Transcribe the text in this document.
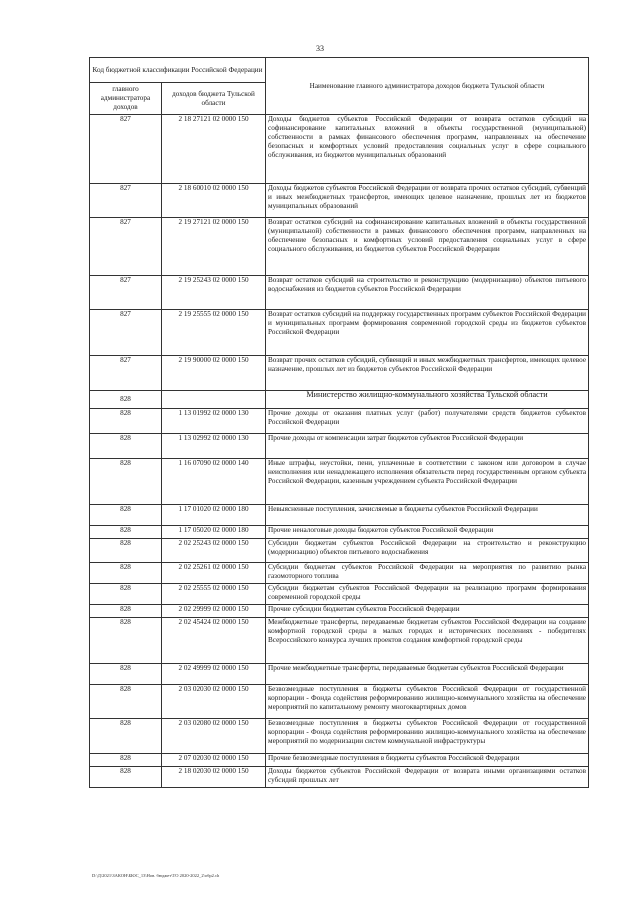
33
Код бюджетной классификации Российской Федерации		Наименование главного администратора доходов бюджета Тульской области
главного администратора доходов	доходов бюджета Тульской области	
827	2 18 27121 02 0000 150	Доходы бюджетов субъектов Российской Федерации от возврата остатков субсидий на софинансирование капитальных вложений в объекты государственной (муниципальной) собственности в рамках финансового обеспечения программ, направленных на обеспечение безопасных и комфортных условий предоставления социальных услуг в сфере социального обслуживания, из бюджетов муниципальных образований
827	2 18 60010 02 0000 150	Доходы бюджетов субъектов Российской Федерации от возврата прочих остатков субсидий, субвенций и иных межбюджетных трансфертов, имеющих целевое назначение, прошлых лет из бюджетов муниципальных образований
827	2 19 27121 02 0000 150	Возврат остатков субсидий на софинансирование капитальных вложений в объекты государственной (муниципальной) собственности в рамках финансового обеспечения программ, направленных на обеспечение безопасных и комфортных условий предоставления социальных услуг в сфере социального обслуживания, из бюджетов субъектов Российской Федерации
827	2 19 25243 02 0000 150	Возврат остатков субсидий на строительство и реконструкцию (модернизацию) объектов питьевого водоснабжения из бюджетов субъектов Российской Федерации
827	2 19 25555 02 0000 150	Возврат остатков субсидий на поддержку государственных программ субъектов Российской Федерации и муниципальных программ формирования современной городской среды из бюджетов субъектов Российской Федерации
827	2 19 90000 02 0000 150	Возврат прочих остатков субсидий, субвенций и иных межбюджетных трансфертов, имеющих целевое назначение, прошлых лет из бюджетов субъектов Российской Федерации
828		Министерство жилищно-коммунального хозяйства Тульской области
828	1 13 01992 02 0000 130	Прочие доходы от оказания платных услуг (работ) получателями средств бюджетов субъектов Российской Федерации
828	1 13 02992 02 0000 130	Прочие доходы от компенсации затрат бюджетов субъектов Российской Федерации
828	1 16 07090 02 0000 140	Иные штрафы, неустойки, пени, уплаченные в соответствии с законом или договором в случае неисполнения или ненадлежащего исполнения обязательств перед государственным органом субъекта Российской Федерации, казенным учреждением субъекта Российской Федерации
828	1 17 01020 02 0000 180	Невыясненные поступления, зачисляемые в бюджеты субъектов Российской Федерации
828	1 17 05020 02 0000 180	Прочие неналоговые доходы бюджетов субъектов Российской Федерации
828	2 02 25243 02 0000 150	Субсидии бюджетам субъектов Российской Федерации на строительство и реконструкцию (модернизацию) объектов питьевого водоснабжения
828	2 02 25261 02 0000 150	Субсидии бюджетам субъектов Российской Федерации на мероприятия по развитию рынка газомоторного топлива
828	2 02 25555 02 0000 150	Субсидии бюджетам субъектов Российской Федерации на реализацию программ формирования современной городской среды
828	2 02 29999 02 0000 150	Прочие субсидии бюджетам субъектов Российской Федерации
828	2 02 45424 02 0000 150	Межбюджетные трансферты, передаваемые бюджетам субъектов Российской Федерации на создание комфортной городской среды в малых городах и исторических поселениях - победителях Всероссийского конкурса лучших проектов создания комфортной городской среды
828	2 02 49999 02 0000 150	Прочие межбюджетные трансферты, передаваемые бюджетам субъектов Российской Федерации
828	2 03 02030 02 0000 150	Безвозмездные поступления в бюджеты субъектов Российской Федерации от государственной корпорации - Фонда содействия реформированию жилищно-коммунального хозяйства на обеспечение мероприятий по капитальному ремонту многоквартирных домов
828	2 03 02080 02 0000 150	Безвозмездные поступления в бюджеты субъектов Российской Федерации от государственной корпорации - Фонда содействия реформированию жилищно-коммунального хозяйства на обеспечение мероприятий по модернизации систем коммунальной инфраструктуры
828	2 07 02030 02 0000 150	Прочие безвозмездные поступления в бюджеты субъектов Российской Федерации
828	2 18 02030 02 0000 150	Доходы бюджетов субъектов Российской Федерации от возврата иными организациями остатков субсидий прошлых лет
D:\Д\2021\ЗАКОН\БЮС_13\Нов. бюджет\ТО 2020-2022_2\обр2.ch
